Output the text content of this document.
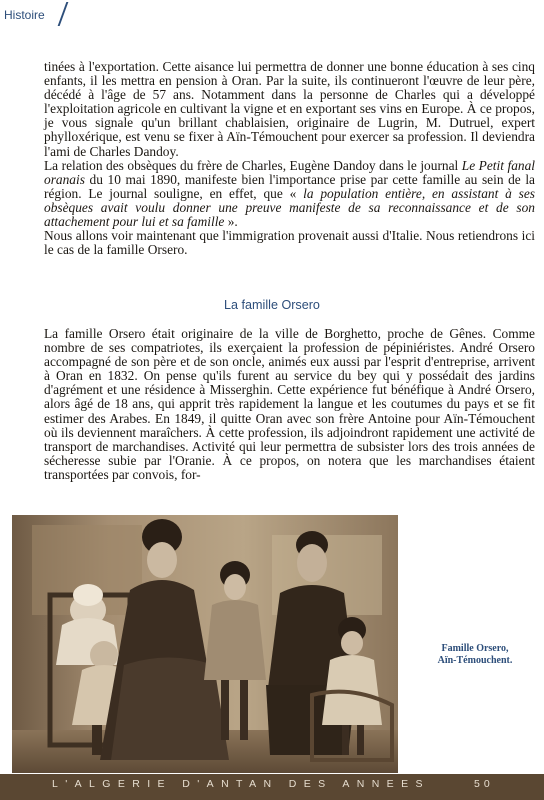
Histoire

tinées à l'exportation. Cette aisance lui permettra de donner une bonne éducation à ses cinq enfants, il les mettra en pension à Oran. Par la suite, ils continueront l'œuvre de leur père, décédé à l'âge de 57 ans. Notamment dans la personne de Charles qui a développé l'exploitation agricole en cultivant la vigne et en exportant ses vins en Europe. À ce propos, je vous signale qu'un brillant chablaisien, originaire de Lugrin, M. Dutruel, expert phylloxérique, est venu se fixer à Aïn-Témouchent pour exercer sa profession. Il deviendra l'ami de Charles Dandoy.

La relation des obsèques du frère de Charles, Eugène Dandoy dans le journal Le Petit fanal oranais du 10 mai 1890, manifeste bien l'importance prise par cette famille au sein de la région. Le journal souligne, en effet, que « la population entière, en assistant à ses obsèques avait voulu donner une preuve manifeste de sa reconnaissance et de son attachement pour lui et sa famille ».

Nous allons voir maintenant que l'immigration provenait aussi d'Italie. Nous retiendrons ici le cas de la famille Orsero.

La famille Orsero

La famille Orsero était originaire de la ville de Borghetto, proche de Gênes. Comme nombre de ses compatriotes, ils exerçaient la profession de pépiniéristes. André Orsero accompagné de son père et de son oncle, animés eux aussi par l'esprit d'entreprise, arrivent à Oran en 1832. On pense qu'ils furent au service du bey qui y possédait des jardins d'agrément et une résidence à Misserghin. Cette expérience fut bénéfique à André Orsero, alors âgé de 18 ans, qui apprit très rapidement la langue et les coutumes du pays et se fit estimer des Arabes. En 1849, il quitte Oran avec son frère Antoine pour Aïn-Témouchent où ils deviennent maraîchers. À cette profession, ils adjoindront rapidement une activité de transport de marchandises. Activité qui leur permettra de subsister lors des trois années de sécheresse subie par l'Oranie. À ce propos, on notera que les marchandises étaient transportées par convois, for-

Famille Orsero,
Aïn-Témouchent.
L'ALGERIE D'ANTAN DES ANNEES	50
